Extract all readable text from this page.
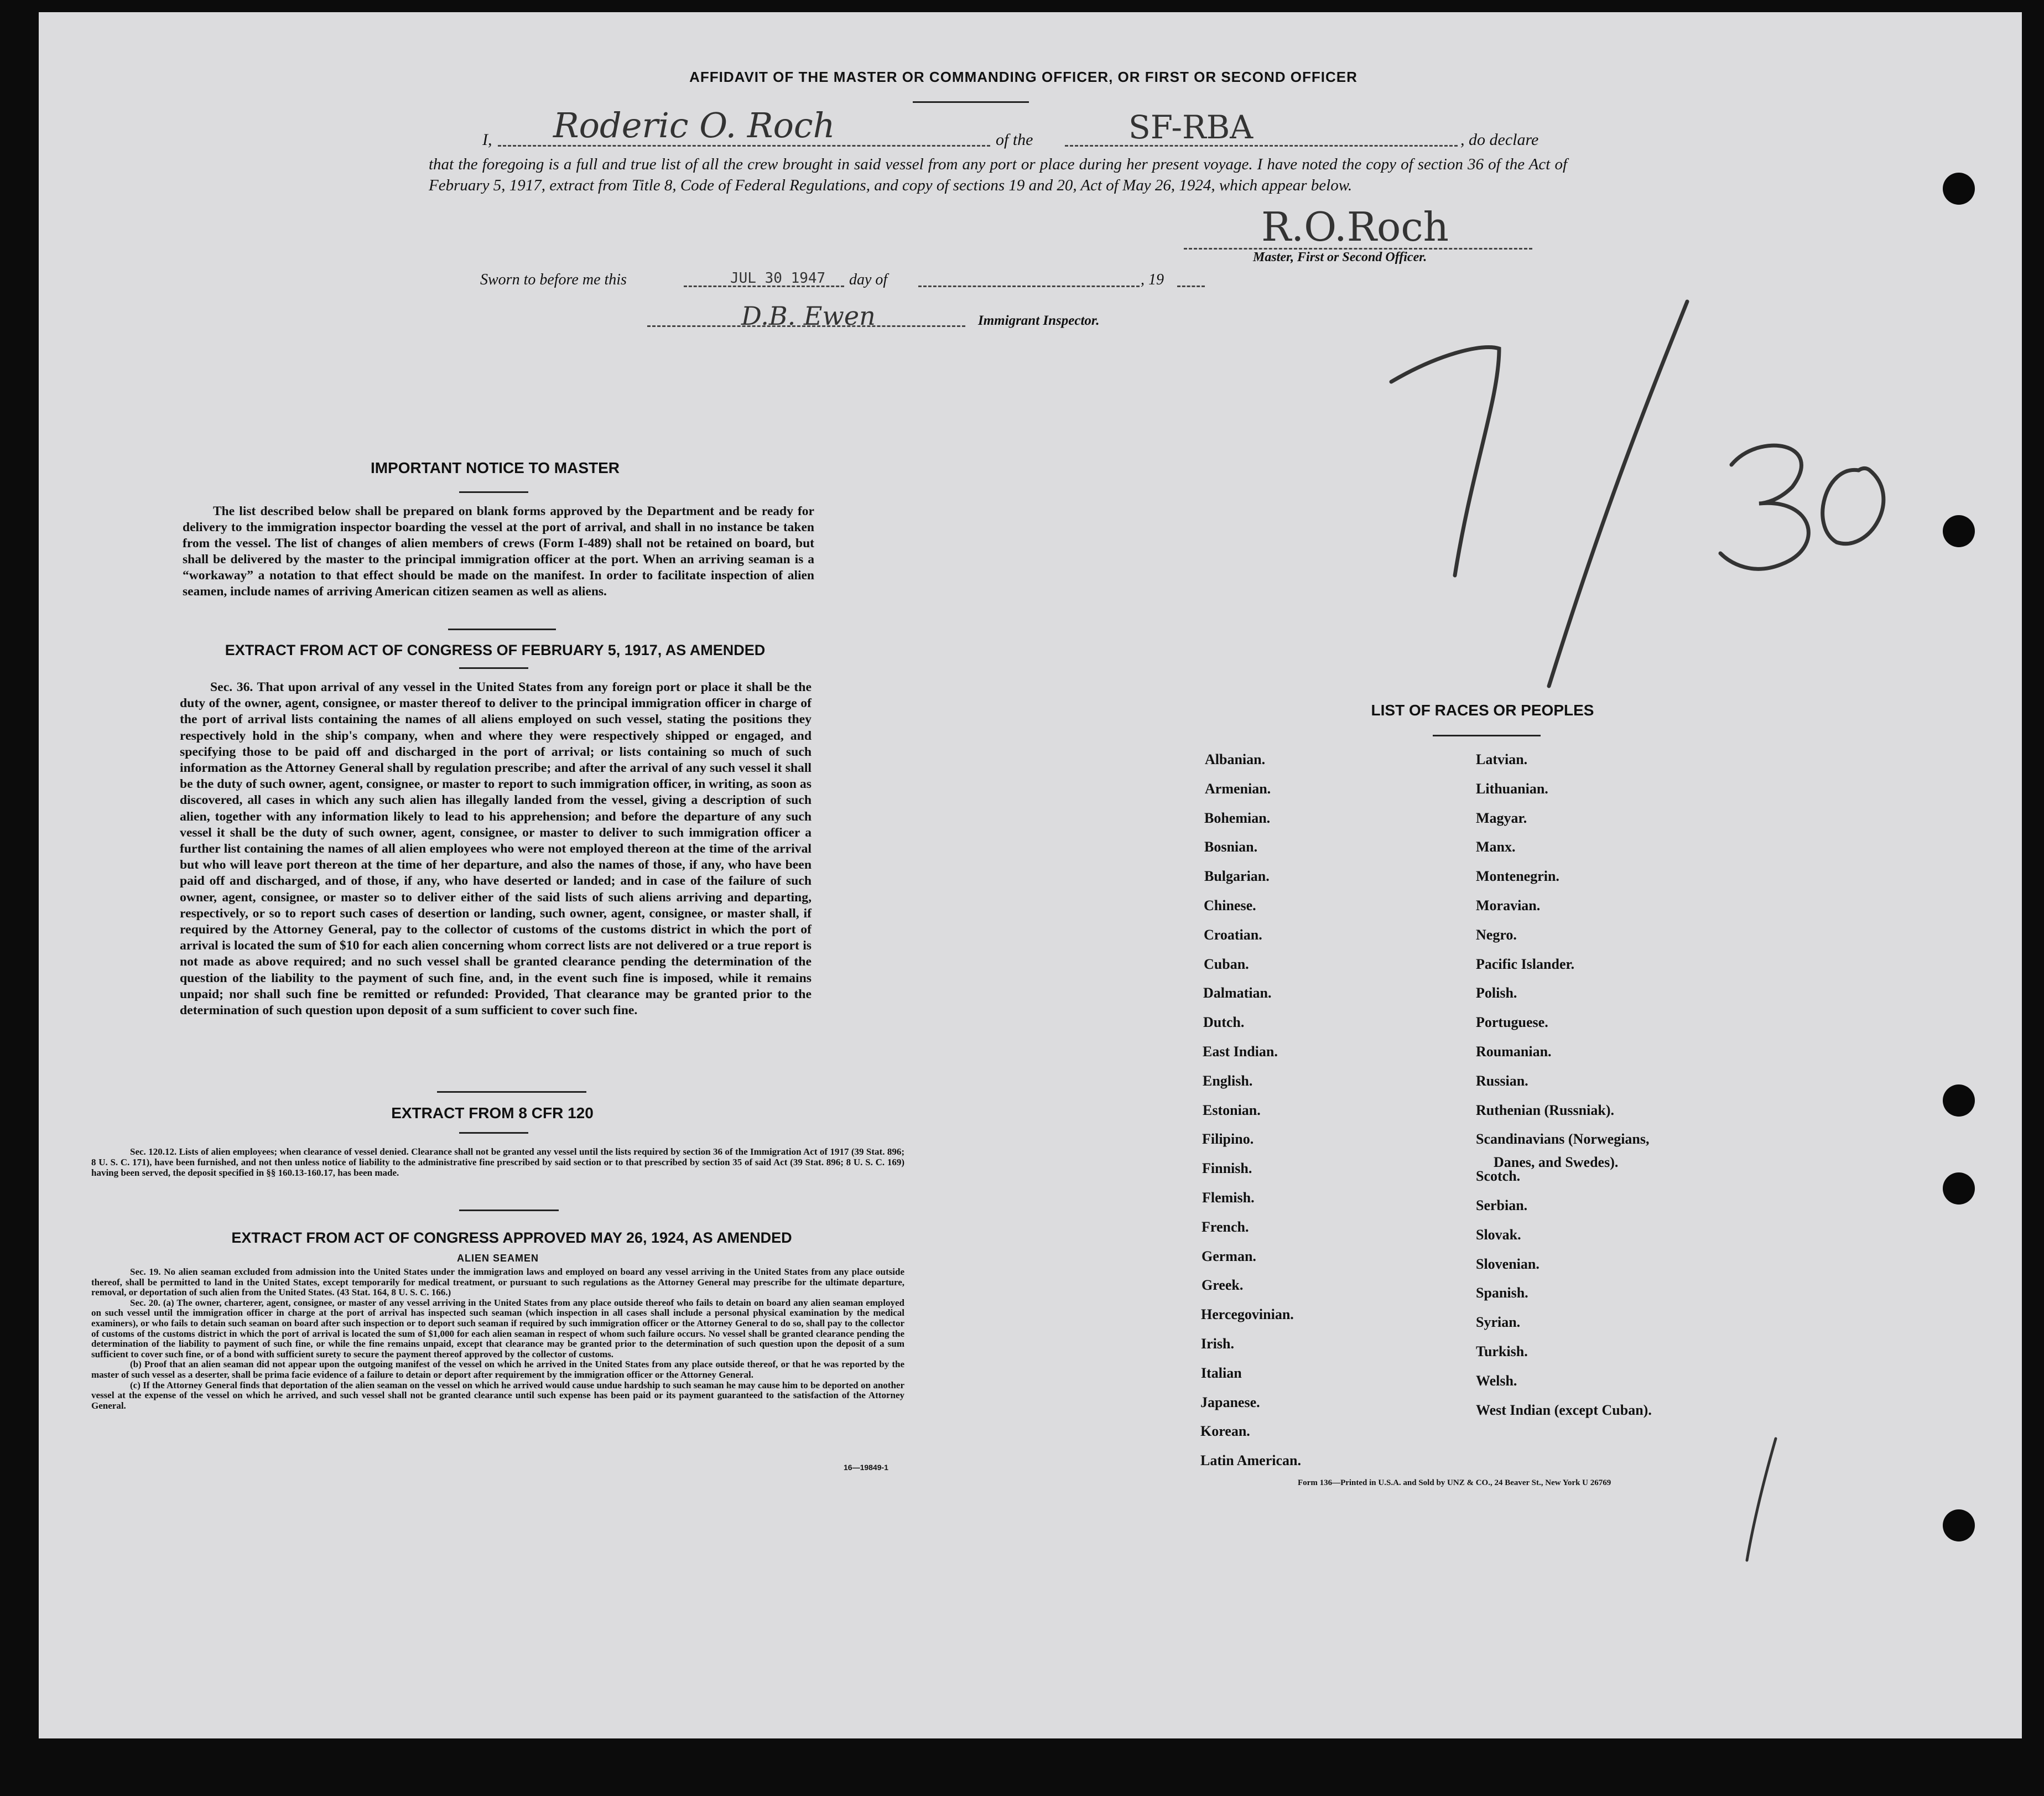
AFFIDAVIT OF THE MASTER OR COMMANDING OFFICER, OR FIRST OR SECOND OFFICER
I, Roderic O. Roch	of the	SF-RBA	, do declare
that the foregoing is a full and true list of all the crew brought in said vessel from any port or place during her present voyage. I have noted the copy of section 36 of the Act of February 5, 1917, extract from Title 8, Code of Federal Regulations, and copy of sections 19 and 20, Act of May 26, 1924, which appear below.
R.O.Roch
Master, First or Second Officer.
Sworn to before me this	JUL 30 1947 day of	, 19
D.B. Ewen	Immigrant Inspector.
7/30
IMPORTANT NOTICE TO MASTER
The list described below shall be prepared on blank forms approved by the Department and be ready for delivery to the immigration inspector boarding the vessel at the port of arrival, and shall in no instance be taken from the vessel. The list of changes of alien members of crews (Form I-489) shall not be retained on board, but shall be delivered by the master to the principal immigration officer at the port. When an arriving seaman is a “workaway” a notation to that effect should be made on the manifest. In order to facilitate inspection of alien seamen, include names of arriving American citizen seamen as well as aliens.
EXTRACT FROM ACT OF CONGRESS OF FEBRUARY 5, 1917, AS AMENDED
Sec. 36. That upon arrival of any vessel in the United States from any foreign port or place it shall be the duty of the owner, agent, consignee, or master thereof to deliver to the principal immigration officer in charge of the port of arrival lists containing the names of all aliens employed on such vessel, stating the positions they respectively hold in the ship's company, when and where they were respectively shipped or engaged, and specifying those to be paid off and discharged in the port of arrival; or lists containing so much of such information as the Attorney General shall by regulation prescribe; and after the arrival of any such vessel it shall be the duty of such owner, agent, consignee, or master to report to such immigration officer, in writing, as soon as discovered, all cases in which any such alien has illegally landed from the vessel, giving a description of such alien, together with any information likely to lead to his apprehension; and before the departure of any such vessel it shall be the duty of such owner, agent, consignee, or master to deliver to such immigration officer a further list containing the names of all alien employees who were not employed thereon at the time of the arrival but who will leave port thereon at the time of her departure, and also the names of those, if any, who have been paid off and discharged, and of those, if any, who have deserted or landed; and in case of the failure of such owner, agent, consignee, or master so to deliver either of the said lists of such aliens arriving and departing, respectively, or so to report such cases of desertion or landing, such owner, agent, consignee, or master shall, if required by the Attorney General, pay to the collector of customs of the customs district in which the port of arrival is located the sum of $10 for each alien concerning whom correct lists are not delivered or a true report is not made as above required; and no such vessel shall be granted clearance pending the determination of the question of the liability to the payment of such fine, and, in the event such fine is imposed, while it remains unpaid; nor shall such fine be remitted or refunded: Provided, That clearance may be granted prior to the determination of such question upon deposit of a sum sufficient to cover such fine.
EXTRACT FROM 8 CFR 120
Sec. 120.12. Lists of alien employees; when clearance of vessel denied. Clearance shall not be granted any vessel until the lists required by section 36 of the Immigration Act of 1917 (39 Stat. 896; 8 U. S. C. 171), have been furnished, and not then unless notice of liability to the administrative fine prescribed by said section or to that prescribed by section 35 of said Act (39 Stat. 896; 8 U. S. C. 169) having been served, the deposit specified in §§ 160.13-160.17, has been made.
EXTRACT FROM ACT OF CONGRESS APPROVED MAY 26, 1924, AS AMENDED
ALIEN SEAMEN
Sec. 19. No alien seaman excluded from admission into the United States under the immigration laws and employed on board any vessel arriving in the United States from any place outside thereof, shall be permitted to land in the United States, except temporarily for medical treatment, or pursuant to such regulations as the Attorney General may prescribe for the ultimate departure, removal, or deportation of such alien from the United States. (43 Stat. 164, 8 U. S. C. 166.)
Sec. 20. (a) The owner, charterer, agent, consignee, or master of any vessel arriving in the United States from any place outside thereof who fails to detain on board any alien seaman employed on such vessel until the immigration officer in charge at the port of arrival has inspected such seaman (which inspection in all cases shall include a personal physical examination by the medical examiners), or who fails to detain such seaman on board after such inspection or to deport such seaman if required by such immigration officer or the Attorney General to do so, shall pay to the collector of customs of the customs district in which the port of arrival is located the sum of $1,000 for each alien seaman in respect of whom such failure occurs. No vessel shall be granted clearance pending the determination of the liability to payment of such fine, or while the fine remains unpaid, except that clearance may be granted prior to the determination of such question upon the deposit of a sum sufficient to cover such fine, or of a bond with sufficient surety to secure the payment thereof approved by the collector of customs.
(b) Proof that an alien seaman did not appear upon the outgoing manifest of the vessel on which he arrived in the United States from any place outside thereof, or that he was reported by the master of such vessel as a deserter, shall be prima facie evidence of a failure to detain or deport after requirement by the immigration officer or the Attorney General.
(c) If the Attorney General finds that deportation of the alien seaman on the vessel on which he arrived would cause undue hardship to such seaman he may cause him to be deported on another vessel at the expense of the vessel on which he arrived, and such vessel shall not be granted clearance until such expense has been paid or its payment guaranteed to the satisfaction of the Attorney General.
16—19849-1
LIST OF RACES OR PEOPLES
Albanian.
Armenian.
Bohemian.
Bosnian.
Bulgarian.
Chinese.
Croatian.
Cuban.
Dalmatian.
Dutch.
East Indian.
English.
Estonian.
Filipino.
Finnish.
Flemish.
French.
German.
Greek.
Hercegovinian.
Irish.
Italian
Japanese.
Korean.
Latin American.
Latvian.
Lithuanian.
Magyar.
Manx.
Montenegrin.
Moravian.
Negro.
Pacific Islander.
Polish.
Portuguese.
Roumanian.
Russian.
Ruthenian (Russniak).
Scandinavians (Norwegians,
Danes, and Swedes).
Scotch.
Serbian.
Slovak.
Slovenian.
Spanish.
Syrian.
Turkish.
Welsh.
West Indian (except Cuban).
Form 136—Printed in U.S.A. and Sold by UNZ & CO., 24 Beaver St., New York U 26769
